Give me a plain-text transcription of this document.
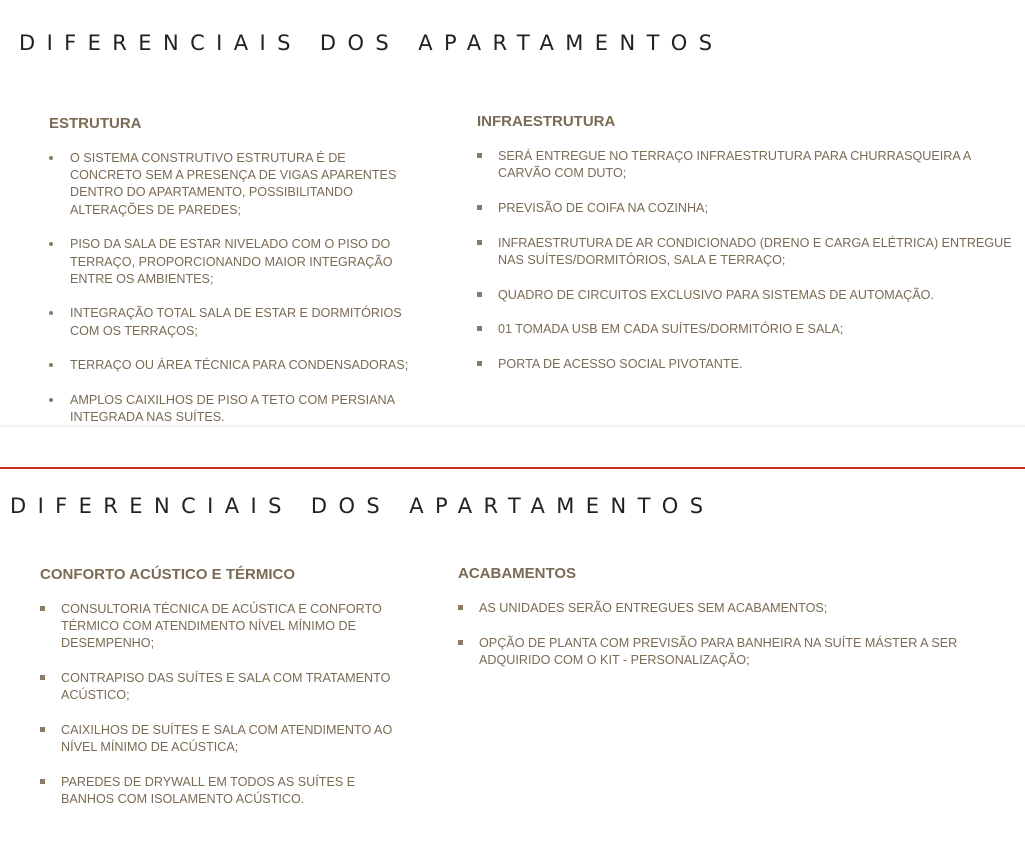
DIFERENCIAIS DOS APARTAMENTOS
ESTRUTURA
O SISTEMA CONSTRUTIVO ESTRUTURA É DE CONCRETO SEM A PRESENÇA DE VIGAS APARENTES DENTRO DO APARTAMENTO, POSSIBILITANDO ALTERAÇÕES DE PAREDES;
PISO DA SALA DE ESTAR NIVELADO COM O PISO DO TERRAÇO, PROPORCIONANDO MAIOR INTEGRAÇÃO ENTRE OS AMBIENTES;
INTEGRAÇÃO TOTAL SALA DE ESTAR E DORMITÓRIOS COM OS TERRAÇOS;
TERRAÇO OU ÁREA TÉCNICA PARA CONDENSADORAS;
AMPLOS CAIXILHOS DE PISO A TETO COM PERSIANA INTEGRADA NAS SUÍTES.
INFRAESTRUTURA
SERÁ ENTREGUE NO TERRAÇO INFRAESTRUTURA PARA CHURRASQUEIRA A CARVÃO COM DUTO;
PREVISÃO DE COIFA NA COZINHA;
INFRAESTRUTURA DE AR CONDICIONADO (DRENO E CARGA ELÉTRICA) ENTREGUE NAS SUÍTES/DORMITÓRIOS, SALA E TERRAÇO;
QUADRO DE CIRCUITOS EXCLUSIVO PARA SISTEMAS DE AUTOMAÇÃO.
01 TOMADA USB EM CADA SUÍTES/DORMITÓRIO E SALA;
PORTA DE ACESSO SOCIAL PIVOTANTE.
DIFERENCIAIS DOS APARTAMENTOS
CONFORTO ACÚSTICO E TÉRMICO
CONSULTORIA TÉCNICA DE ACÚSTICA E CONFORTO TÉRMICO COM ATENDIMENTO NÍVEL MÍNIMO DE DESEMPENHO;
CONTRAPISO DAS SUÍTES E SALA COM TRATAMENTO ACÚSTICO;
CAIXILHOS DE SUÍTES E SALA COM ATENDIMENTO AO NÍVEL MÍNIMO DE ACÚSTICA;
PAREDES DE DRYWALL EM TODOS AS SUÍTES E BANHOS COM ISOLAMENTO ACÚSTICO.
ACABAMENTOS
AS UNIDADES SERÃO ENTREGUES SEM ACABAMENTOS;
OPÇÃO DE PLANTA COM PREVISÃO PARA BANHEIRA NA SUÍTE MÁSTER A SER ADQUIRIDO COM O KIT - PERSONALIZAÇÃO;
